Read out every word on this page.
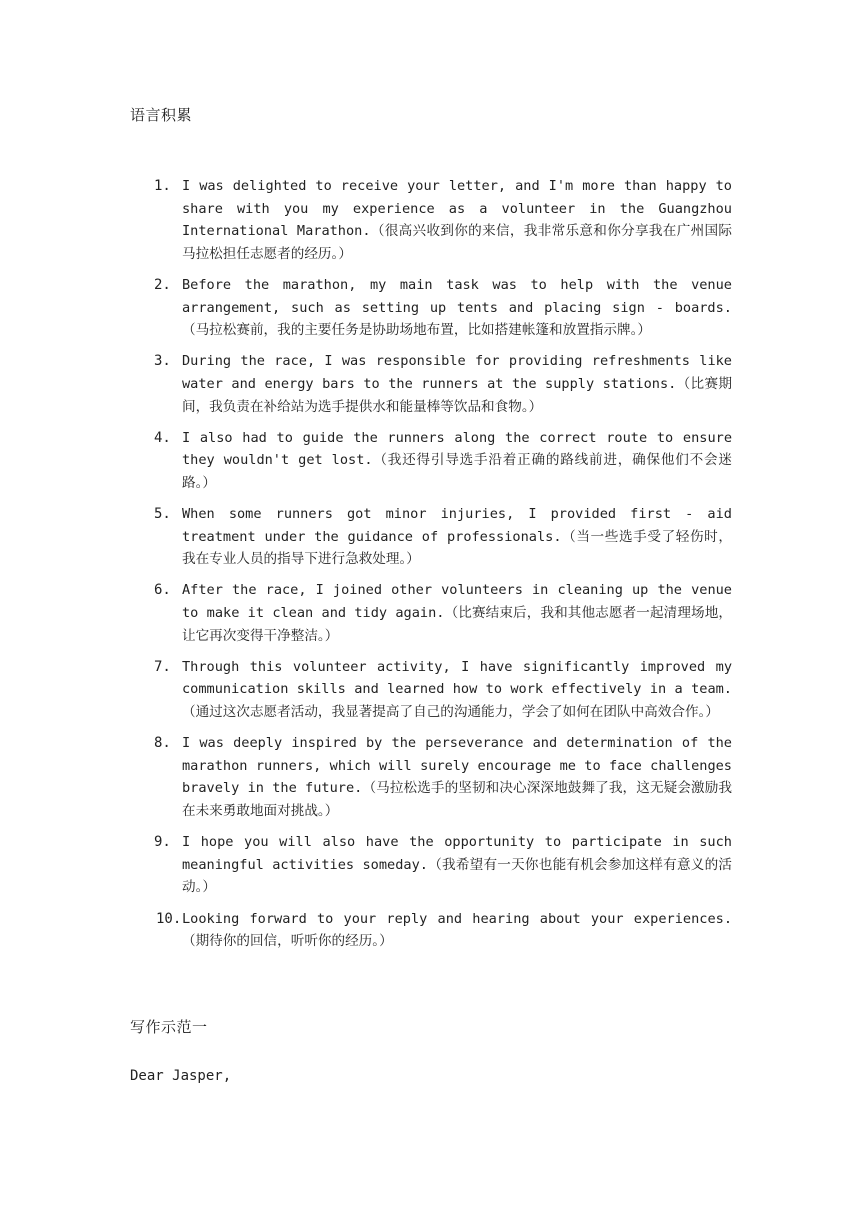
语言积累
1. I was delighted to receive your letter, and I'm more than happy to share with you my experience as a volunteer in the Guangzhou International Marathon.（很高兴收到你的来信，我非常乐意和你分享我在广州国际马拉松担任志愿者的经历。）
2. Before the marathon, my main task was to help with the venue arrangement, such as setting up tents and placing sign - boards.（马拉松赛前，我的主要任务是协助场地布置，比如搭建帐篷和放置指示牌。）
3. During the race, I was responsible for providing refreshments like water and energy bars to the runners at the supply stations.（比赛期间，我负责在补给站为选手提供水和能量棒等饮品和食物。）
4. I also had to guide the runners along the correct route to ensure they wouldn't get lost.（我还得引导选手沿着正确的路线前进，确保他们不会迷路。）
5. When some runners got minor injuries, I provided first - aid treatment under the guidance of professionals.（当一些选手受了轻伤时，我在专业人员的指导下进行急救处理。）
6. After the race, I joined other volunteers in cleaning up the venue to make it clean and tidy again.（比赛结束后，我和其他志愿者一起清理场地，让它再次变得干净整洁。）
7. Through this volunteer activity, I have significantly improved my communication skills and learned how to work effectively in a team.（通过这次志愿者活动，我显著提高了自己的沟通能力，学会了如何在团队中高效合作。）
8. I was deeply inspired by the perseverance and determination of the marathon runners, which will surely encourage me to face challenges bravely in the future.（马拉松选手的坚韧和决心深深地鼓舞了我，这无疑会激励我在未来勇敢地面对挑战。）
9. I hope you will also have the opportunity to participate in such meaningful activities someday.（我希望有一天你也能有机会参加这样有意义的活动。）
10. Looking forward to your reply and hearing about your experiences.（期待你的回信，听听你的经历。）
写作示范一
Dear Jasper,
